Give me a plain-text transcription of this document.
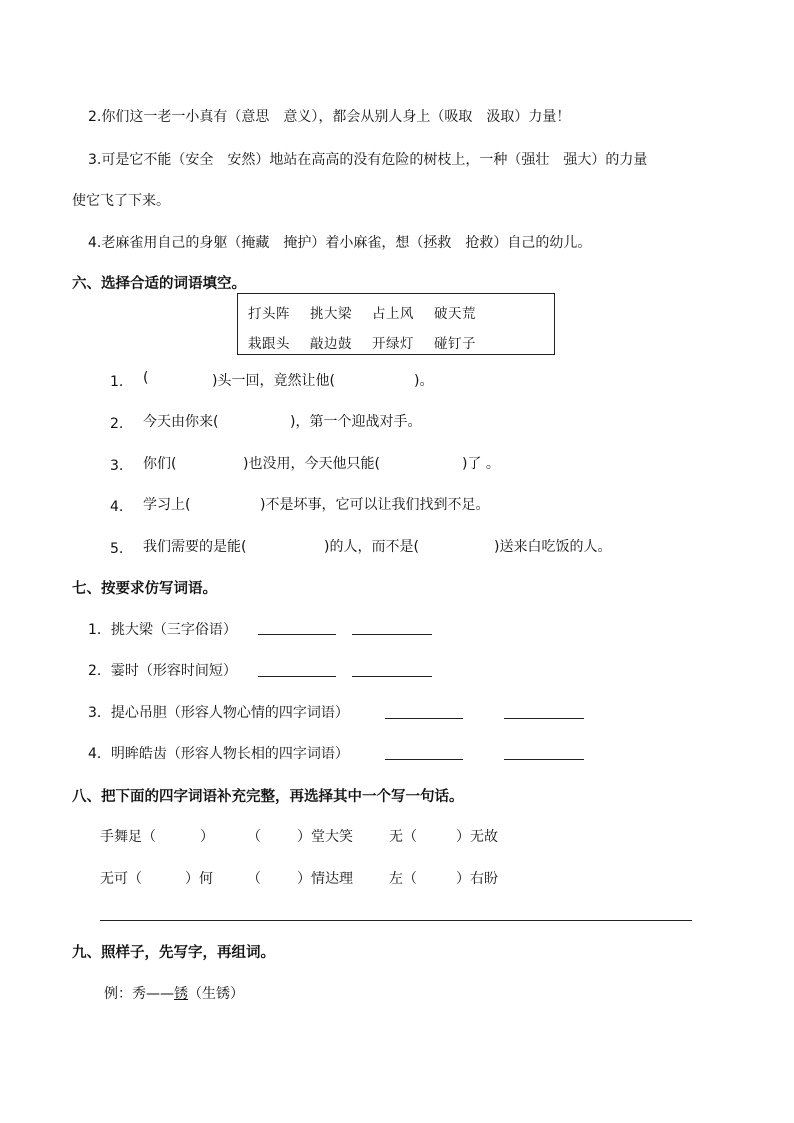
2.你们这一老一小真有（意思　意义），都会从别人身上（吸取　汲取）力量！
3.可是它不能（安全　安然）地站在高高的没有危险的树枝上，一种（强壮　强大）的力量
使它飞了下来。
4.老麻雀用自己的身躯（掩藏　掩护）着小麻雀，想（拯救　抢救）自己的幼儿。
六、选择合适的词语填空。
打头阵 挑大梁 占上风 破天荒
栽跟头 敲边鼓 开绿灯 碰钉子
1. (	)头一回，竟然让他(	)。
2. 今天由你来(	)，第一个迎战对手。
3. 你们(	)也没用，今天他只能(	)了 。
4. 学习上(	)不是坏事，它可以让我们找到不足。
5. 我们需要的是能(	)的人，而不是(	)送来白吃饭的人。
七、按要求仿写词语。
1．挑大梁（三字俗语）
2．霎时（形容时间短）
3．提心吊胆（形容人物心情的四字词语）
4．明眸皓齿（形容人物长相的四字词语）
八、把下面的四字词语补充完整，再选择其中一个写一句话。
手舞足（	） （	）堂大笑	无（	）无故
无可（	）何 （	）情达理	左（	）右盼
九、照样子，先写字，再组词。
例：秀——锈（生锈）
